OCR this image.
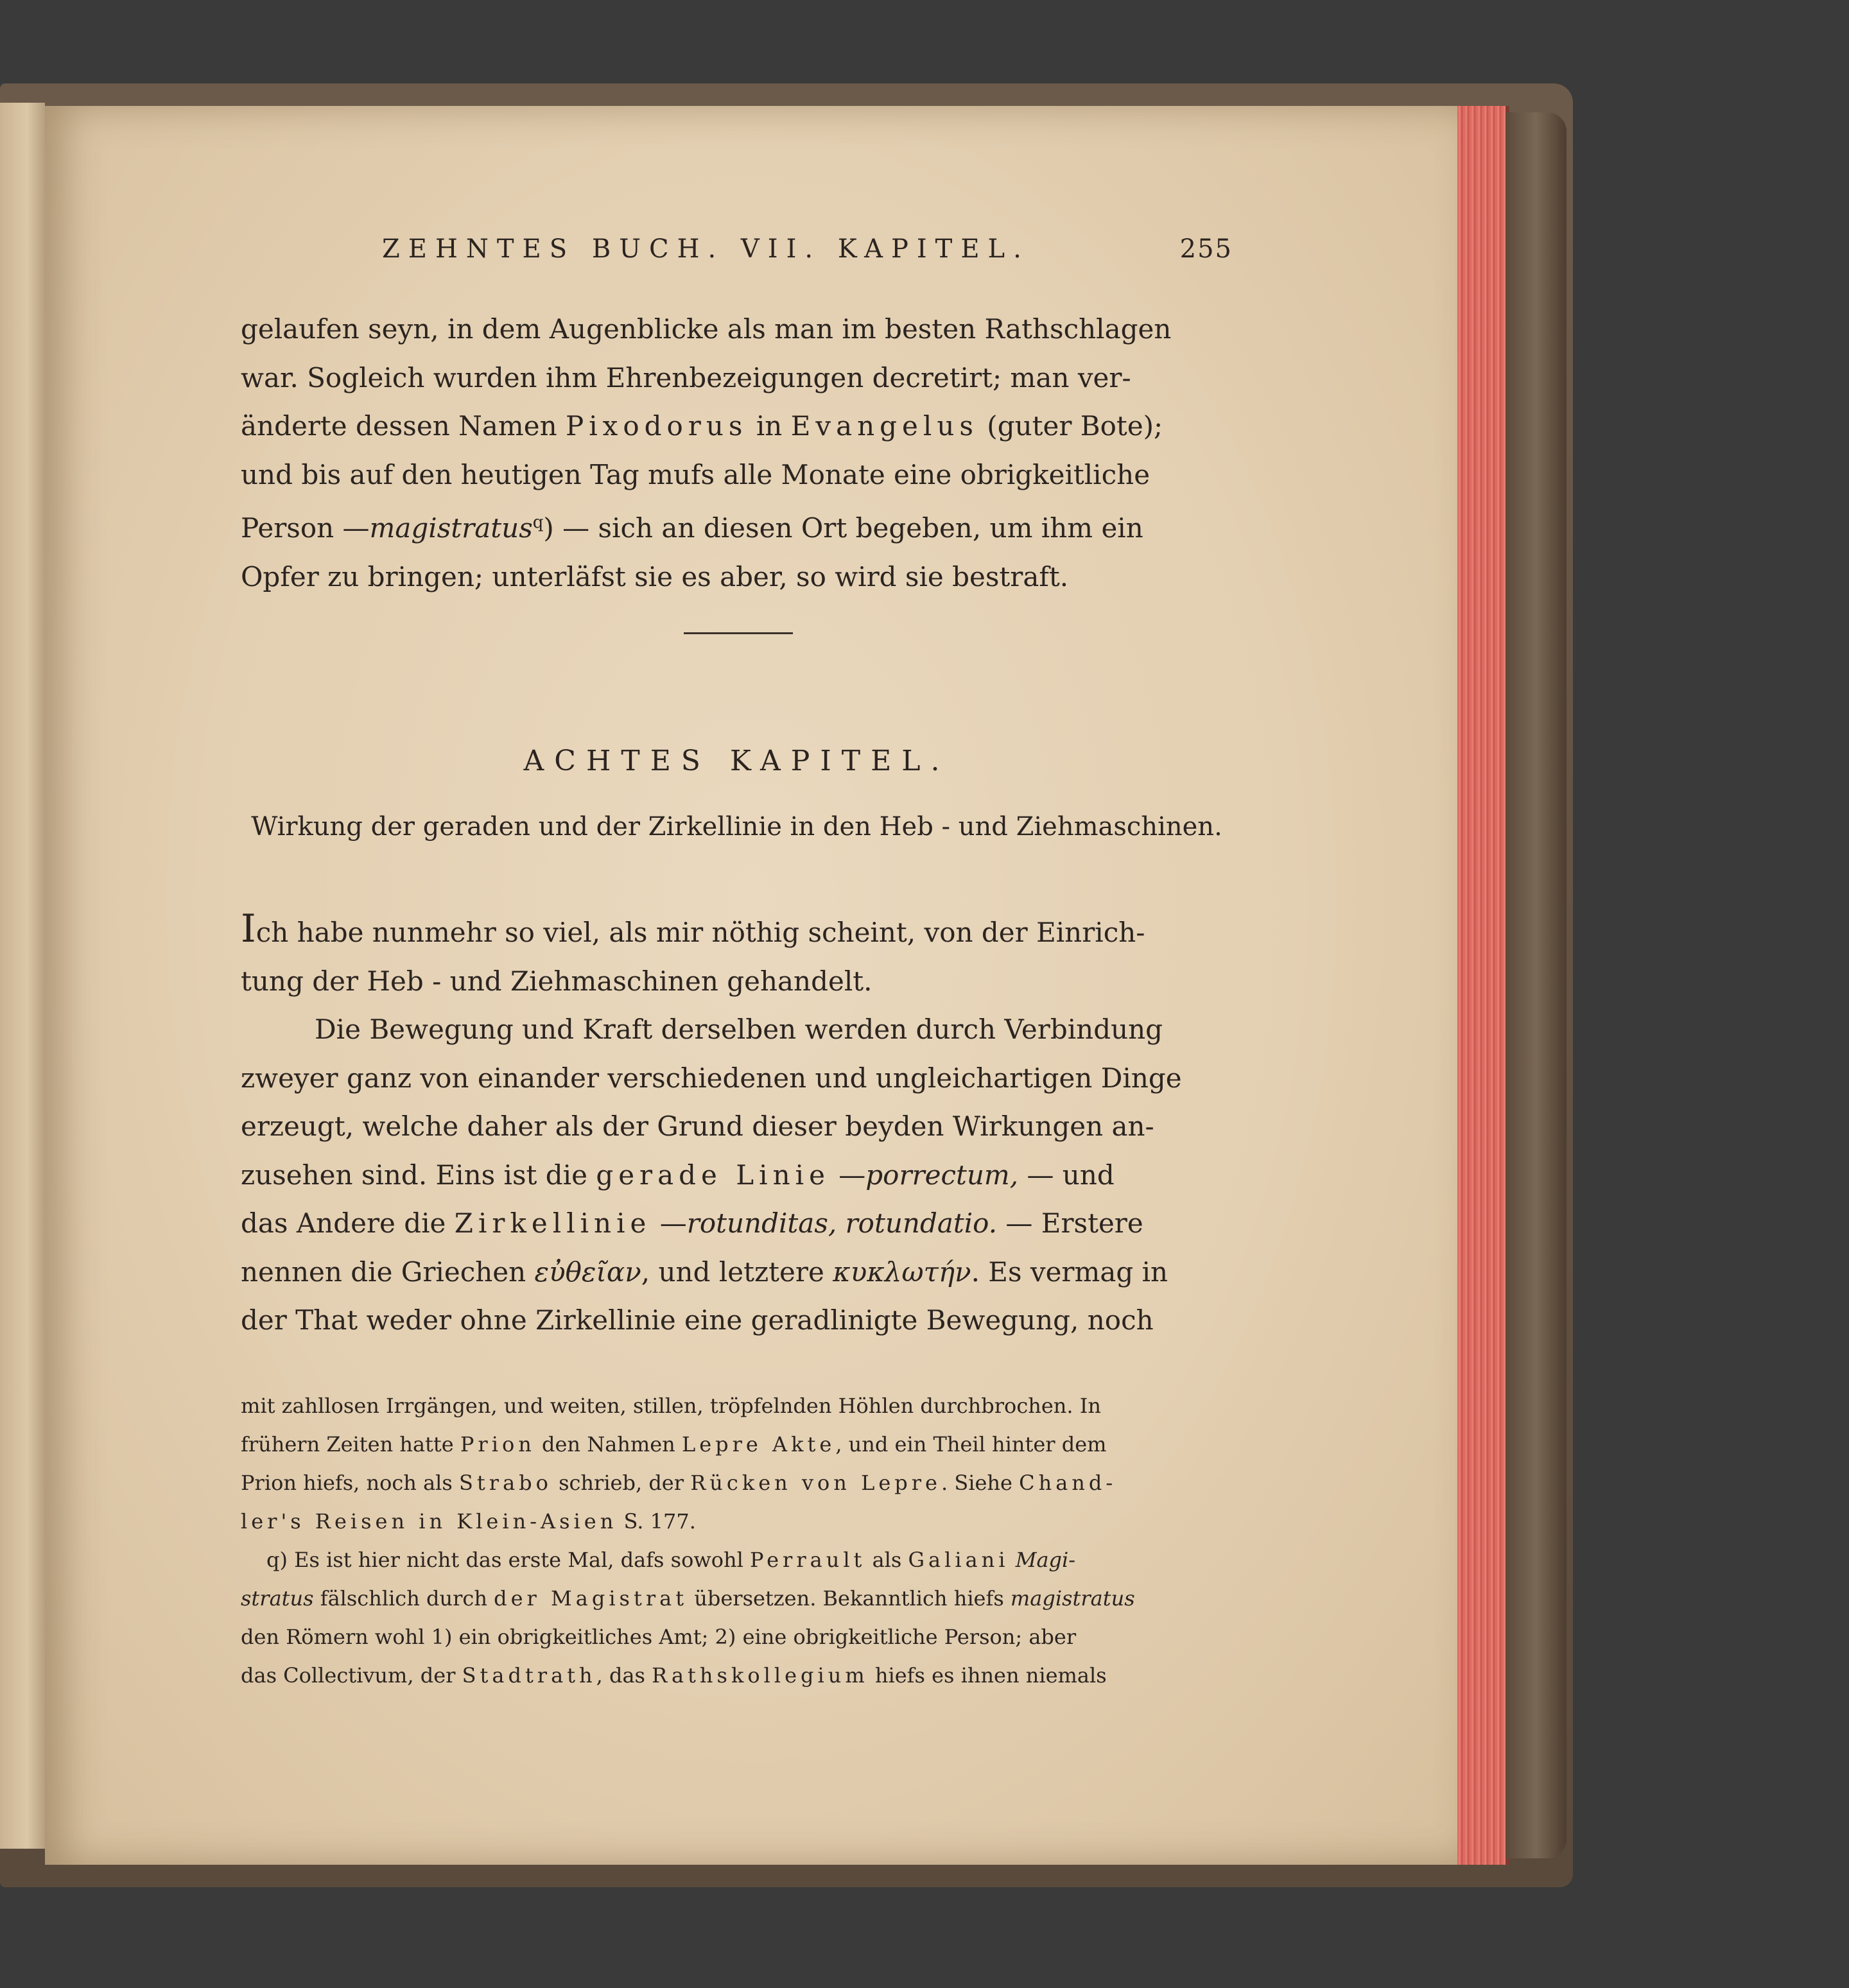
ZEHNTES BUCH. VII. KAPITEL.	255

gelaufen seyn, in dem Augenblicke als man im besten Rathschlagen

war. Sogleich wurden ihm Ehrenbezeigungen decretirt; man ver-

änderte dessen Namen Pixodorus in Evangelus (guter Bote);

und bis auf den heutigen Tag mufs alle Monate eine obrigkeitliche

Person —magistratus$^q$) — sich an diesen Ort begeben, um ihm ein

Opfer zu bringen; unterläfst sie es aber, so wird sie bestraft.

ACHTES KAPITEL.
Wirkung der geraden und der Zirkellinie in den Heb - und Ziehmaschinen.

Ich habe nunmehr so viel, als mir nöthig scheint, von der Einrich-

tung der Heb - und Ziehmaschinen gehandelt.

Die Bewegung und Kraft derselben werden durch Verbindung

zweyer ganz von einander verschiedenen und ungleichartigen Dinge

erzeugt, welche daher als der Grund dieser beyden Wirkungen an-

zusehen sind. Eins ist die gerade Linie —porrectum, — und

das Andere die Zirkellinie —rotunditas, rotundatio. — Erstere

nennen die Griechen εὐθεῖαν, und letztere κυκλωτήν. Es vermag in

der That weder ohne Zirkellinie eine geradlinigte Bewegung, noch

mit zahllosen Irrgängen, und weiten, stillen, tröpfelnden Höhlen durchbrochen. In

frühern Zeiten hatte Prion den Nahmen Lepre Akte, und ein Theil hinter dem

Prion hiefs, noch als Strabo schrieb, der Rücken von Lepre. Siehe Chand-

ler's Reisen in Klein-Asien S. 177.

q) Es ist hier nicht das erste Mal, dafs sowohl Perrault als Galiani Magi-

stratus fälschlich durch der Magistrat übersetzen. Bekanntlich hiefs magistratus

den Römern wohl 1) ein obrigkeitliches Amt; 2) eine obrigkeitliche Person; aber

das Collectivum, der Stadtrath, das Rathskollegium hiefs es ihnen niemals
